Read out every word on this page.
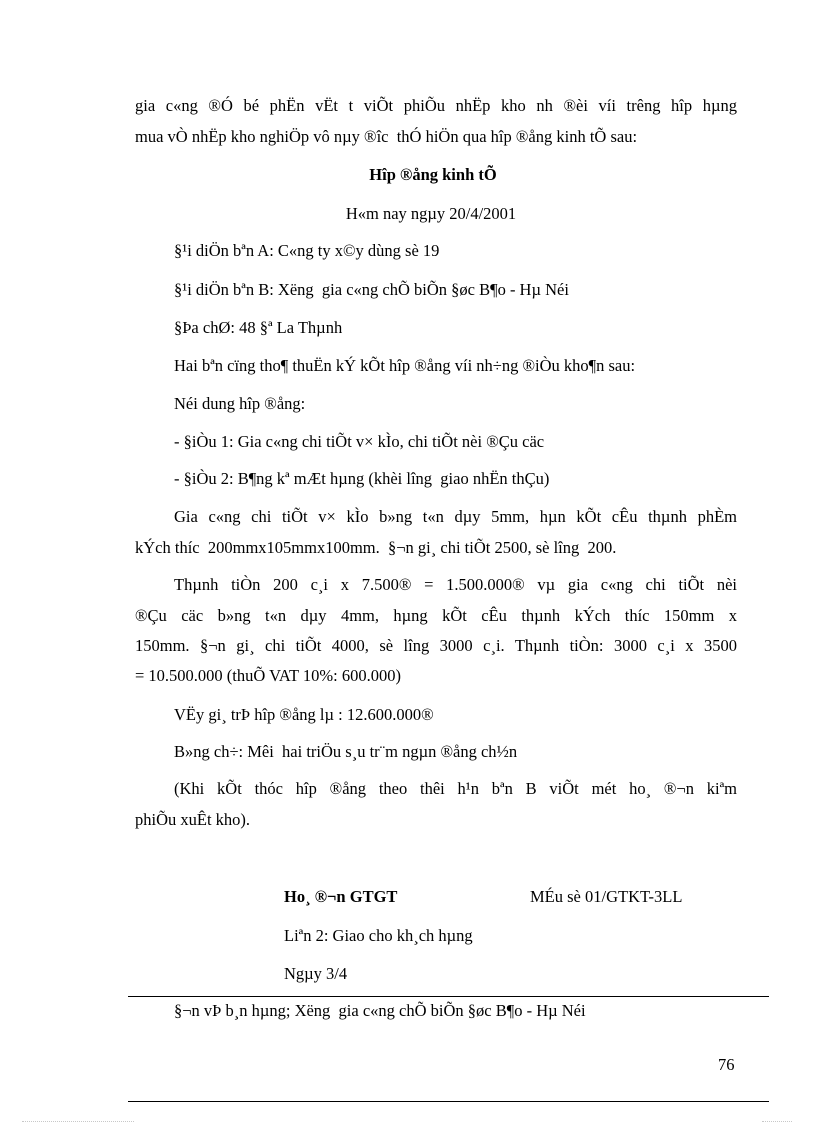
gia c«ng ®Ó bé phËn vËt t viÕt phiÕu nhËp kho nh ®èi víi trêng hîp hµng
mua vÒ nhËp kho nghiÖp vô nµy ®îc  thÓ hiÖn qua hîp ®ång kinh tÕ sau:
Hîp ®ång kinh tÕ
H«m nay ngµy 20/4/2001
§¹i diÖn bªn A: C«ng ty x©y dùng sè 19
§¹i diÖn bªn B: Xëng  gia c«ng chÕ biÕn §øc B¶o - Hµ Néi
§Þa chØ: 48 §ª La Thµnh
Hai bªn cïng tho¶ thuËn kÝ kÕt hîp ®ång víi nh÷ng ®iÒu kho¶n sau:
Néi dung hîp ®ång:
- §iÒu 1: Gia c«ng chi tiÕt v× kÌo, chi tiÕt nèi ®Çu cäc
- §iÒu 2: B¶ng kª mÆt hµng (khèi lîng  giao nhËn thÇu)
Gia c«ng chi tiÕt v× kÌo b»ng t«n dµy 5mm, hµn kÕt cÊu thµnh phÈm
kÝch thíc  200mmx105mmx100mm.  §¬n gi¸ chi tiÕt 2500, sè lîng  200.
Thµnh tiÒn 200 c¸i x 7.500® = 1.500.000® vµ gia c«ng chi tiÕt nèi
®Çu cäc b»ng t«n dµy 4mm, hµng kÕt cÊu thµnh kÝch thíc 150mm x
150mm. §¬n gi¸ chi tiÕt 4000, sè lîng 3000 c¸i. Thµnh tiÒn: 3000 c¸i x 3500
= 10.500.000 (thuÕ VAT 10%: 600.000)
VËy gi¸ trÞ hîp ®ång lµ : 12.600.000®
B»ng ch÷: Mêi  hai triÖu s¸u tr¨m ngµn ®ång ch½n
(Khi kÕt thóc hîp ®ång theo thêi h¹n bªn B viÕt mét ho¸ ®¬n kiªm
phiÕu xuÊt kho).
Ho¸ ®¬n GTGT	MÉu sè 01/GTKT-3LL
Liªn 2: Giao cho kh¸ch hµng
Ngµy 3/4
§¬n vÞ b¸n hµng; Xëng  gia c«ng chÕ biÕn §øc B¶o - Hµ Néi
76
